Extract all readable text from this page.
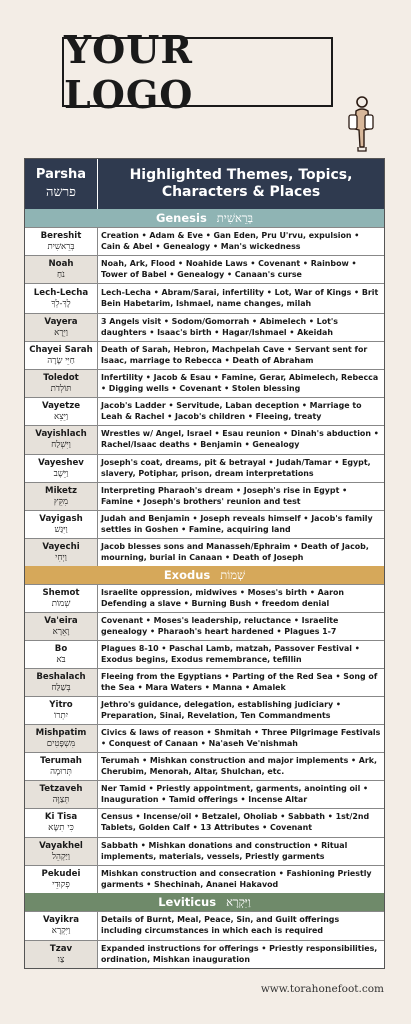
YOUR LOGO
Parsha
פרשה
Highlighted Themes, Topics,
Characters & Places
Genesis בְּרֵאשִׁית
Bereshit
בְּרֵאשִׁית
Creation • Adam & Eve • Gan Eden, Pru U'rvu, expulsion • Cain & Abel • Genealogy • Man's wickedness
Noah
נֹחַ
Noah, Ark, Flood • Noahide Laws • Covenant • Rainbow • Tower of Babel • Genealogy • Canaan's curse
Lech-Lecha
לֶךְ-לְךָ
Lech-Lecha • Abram/Sarai, infertility • Lot, War of Kings • Brit Bein Habetarim, Ishmael, name changes, milah
Vayera
וַיֵּרָא
3 Angels visit • Sodom/Gomorrah • Abimelech • Lot's daughters • Isaac's birth • Hagar/Ishmael • Akeidah
Chayei Sarah
חַיֵּי שָׂרָה
Death of Sarah, Hebron, Machpelah Cave • Servant sent for Isaac, marriage to Rebecca • Death of Abraham
Toledot
תּוֹלְדֹת
Infertility • Jacob & Esau • Famine, Gerar, Abimelech, Rebecca • Digging wells • Covenant • Stolen blessing
Vayetze
וַיֵּצֵא
Jacob's Ladder • Servitude, Laban deception • Marriage to Leah & Rachel • Jacob's children • Fleeing, treaty
Vayishlach
וַיִּשְׁלַח
Wrestles w/ Angel, Israel • Esau reunion • Dinah's abduction • Rachel/Isaac deaths • Benjamin • Genealogy
Vayeshev
וַיֵּשֶׁב
Joseph's coat, dreams, pit & betrayal • Judah/Tamar • Egypt, slavery, Potiphar, prison, dream interpretations
Miketz
מִקֵּץ
Interpreting Pharaoh's dream • Joseph's rise in Egypt • Famine • Joseph's brothers' reunion and test
Vayigash
וַיִּגַּשׁ
Judah and Benjamin • Joseph reveals himself • Jacob's family settles in Goshen • Famine, acquiring land
Vayechi
וַיְחִי
Jacob blesses sons and Manasseh/Ephraim • Death of Jacob, mourning, burial in Canaan • Death of Joseph
Exodus שְׁמוֹת
Shemot
שְׁמוֹת
Israelite oppression, midwives • Moses's birth • Aaron Defending a slave • Burning Bush • freedom denial
Va'eira
וָאֵרָא
Covenant • Moses's leadership, reluctance • Israelite genealogy • Pharaoh's heart hardened • Plagues 1-7
Bo
בֹּא
Plagues 8-10 • Paschal Lamb, matzah, Passover Festival • Exodus begins, Exodus remembrance, tefillin
Beshalach
בְּשַׁלַּח
Fleeing from the Egyptians • Parting of the Red Sea • Song of the Sea • Mara Waters • Manna • Amalek
Yitro
יִתְרוֹ
Jethro's guidance, delegation, establishing judiciary • Preparation, Sinai, Revelation, Ten Commandments
Mishpatim
מִּשְׁפָּטִים
Civics & laws of reason • Shmitah • Three Pilgrimage Festivals • Conquest of Canaan • Na'aseh Ve'nishmah
Terumah
תְּרוּמָה
Terumah • Mishkan construction and major implements • Ark, Cherubim, Menorah, Altar, Shulchan, etc.
Tetzaveh
תְּצַוֶּה
Ner Tamid • Priestly appointment, garments, anointing oil • Inauguration • Tamid offerings • Incense Altar
Ki Tisa
כִּי תִשָּׂא
Census • Incense/oil • Betzalel, Oholiab • Sabbath • 1st/2nd Tablets, Golden Calf • 13 Attributes • Covenant
Vayakhel
וַיַּקְהֵל
Sabbath • Mishkan donations and construction • Ritual implements, materials, vessels, Priestly garments
Pekudei
פְקוּדֵי
Mishkan construction and consecration • Fashioning Priestly garments • Shechinah, Ananei Hakavod
Leviticus וַיִּקְרָא
Vayikra
וַיִּקְרָא
Details of Burnt, Meal, Peace, Sin, and Guilt offerings including circumstances in which each is required
Tzav
צַו
Expanded instructions for offerings • Priestly responsibilities, ordination, Mishkan inauguration
www.torahonefoot.com
